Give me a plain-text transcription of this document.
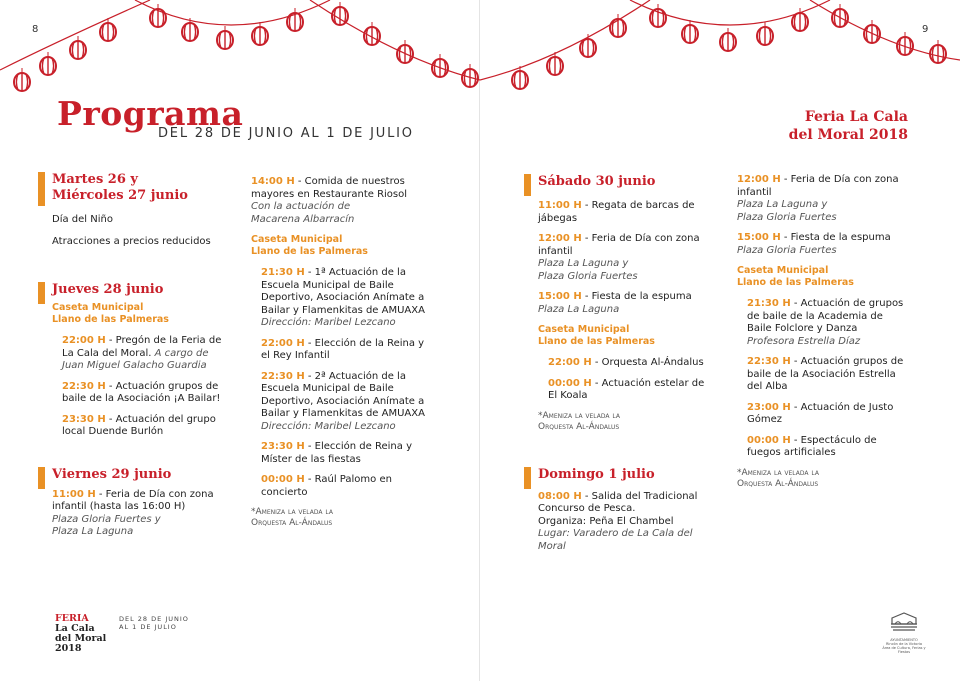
8
Programa
DEL 28 DE JUNIO AL 1 DE JULIO
Martes 26 y
Miércoles 27 junio
Día del Niño
Atracciones a precios reducidos
Jueves 28 junio
Caseta Municipal
Llano de las Palmeras
22:00 H - Pregón de la Feria de La Cala del Moral. A cargo de Juan Miguel Galacho Guardia
22:30 H - Actuación grupos de baile de la Asociación ¡A Bailar!
23:30 H - Actuación del grupo local Duende Burlón
Viernes 29 junio
11:00 H - Feria de Día con zona infantil (hasta las 16:00 H)
Plaza Gloria Fuertes y
Plaza La Laguna
14:00 H - Comida de nuestros mayores en Restaurante Riosol
Con la actuación de
Macarena Albarracín
Caseta Municipal
Llano de las Palmeras
21:30 H - 1ª Actuación de la Escuela Municipal de Baile Deportivo, Asociación Anímate a Bailar y Flamenkitas de AMUAXA
Dirección: Maribel Lezcano
22:00 H - Elección de la Reina y el Rey Infantil
22:30 H - 2ª Actuación de la Escuela Municipal de Baile Deportivo, Asociación Anímate a Bailar y Flamenkitas de AMUAXA
Dirección: Maribel Lezcano
23:30 H - Elección de Reina y Míster de las fiestas
00:00 H - Raúl Palomo en concierto
*Ameniza la velada la
Orquesta Al-Ándalus
FERIA
La Cala
del Moral
2018
DEL 28 DE JUNIO
AL 1 DE JULIO
9
Feria La Cala
del Moral 2018
Sábado 30 junio
11:00 H - Regata de barcas de jábegas
12:00 H - Feria de Día con zona infantil
Plaza La Laguna y
Plaza Gloria Fuertes
15:00 H - Fiesta de la espuma
Plaza La Laguna
Caseta Municipal
Llano de las Palmeras
22:00 H - Orquesta Al-Ándalus
00:00 H - Actuación estelar de El Koala
*Ameniza la velada la
Orquesta Al-Ándalus
Domingo 1 julio
08:00 H - Salida del Tradicional Concurso de Pesca.
Organiza: Peña El Chambel
Lugar: Varadero de La Cala del Moral
12:00 H - Feria de Día con zona infantil
Plaza La Laguna y
Plaza Gloria Fuertes
15:00 H - Fiesta de la espuma
Plaza Gloria Fuertes
Caseta Municipal
Llano de las Palmeras
21:30 H - Actuación de grupos de baile de la Academia de Baile Folclore y Danza
Profesora Estrella Díaz
22:30 H - Actuación grupos de baile de la Asociación Estrella del Alba
23:00 H - Actuación de Justo Gómez
00:00 H - Espectáculo de fuegos artificiales
*Ameniza la velada la
Orquesta Al-Ándalus
AYUNTAMIENTO
Rincón de la Victoria
Área de Cultura, Ferias y Fiestas
